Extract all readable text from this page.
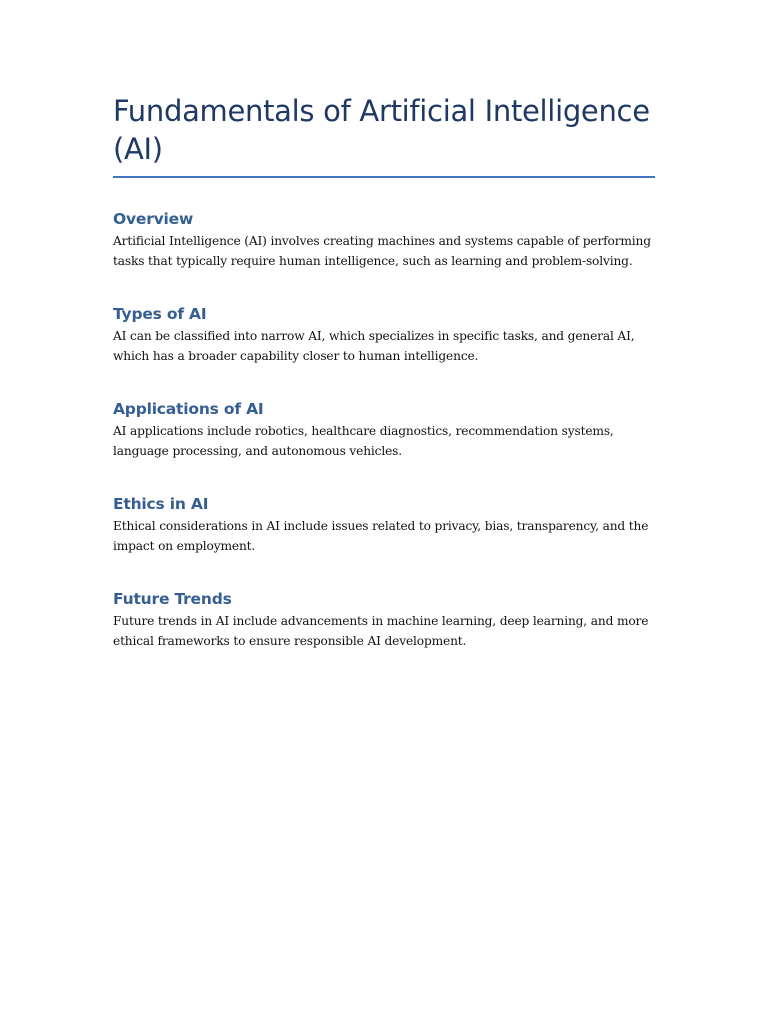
Fundamentals of Artificial Intelligence (AI)
Overview

Artificial Intelligence (AI) involves creating machines and systems capable of performing tasks that typically require human intelligence, such as learning and problem-solving.

Types of AI

AI can be classified into narrow AI, which specializes in specific tasks, and general AI, which has a broader capability closer to human intelligence.

Applications of AI

AI applications include robotics, healthcare diagnostics, recommendation systems, language processing, and autonomous vehicles.

Ethics in AI

Ethical considerations in AI include issues related to privacy, bias, transparency, and the impact on employment.

Future Trends

Future trends in AI include advancements in machine learning, deep learning, and more ethical frameworks to ensure responsible AI development.
